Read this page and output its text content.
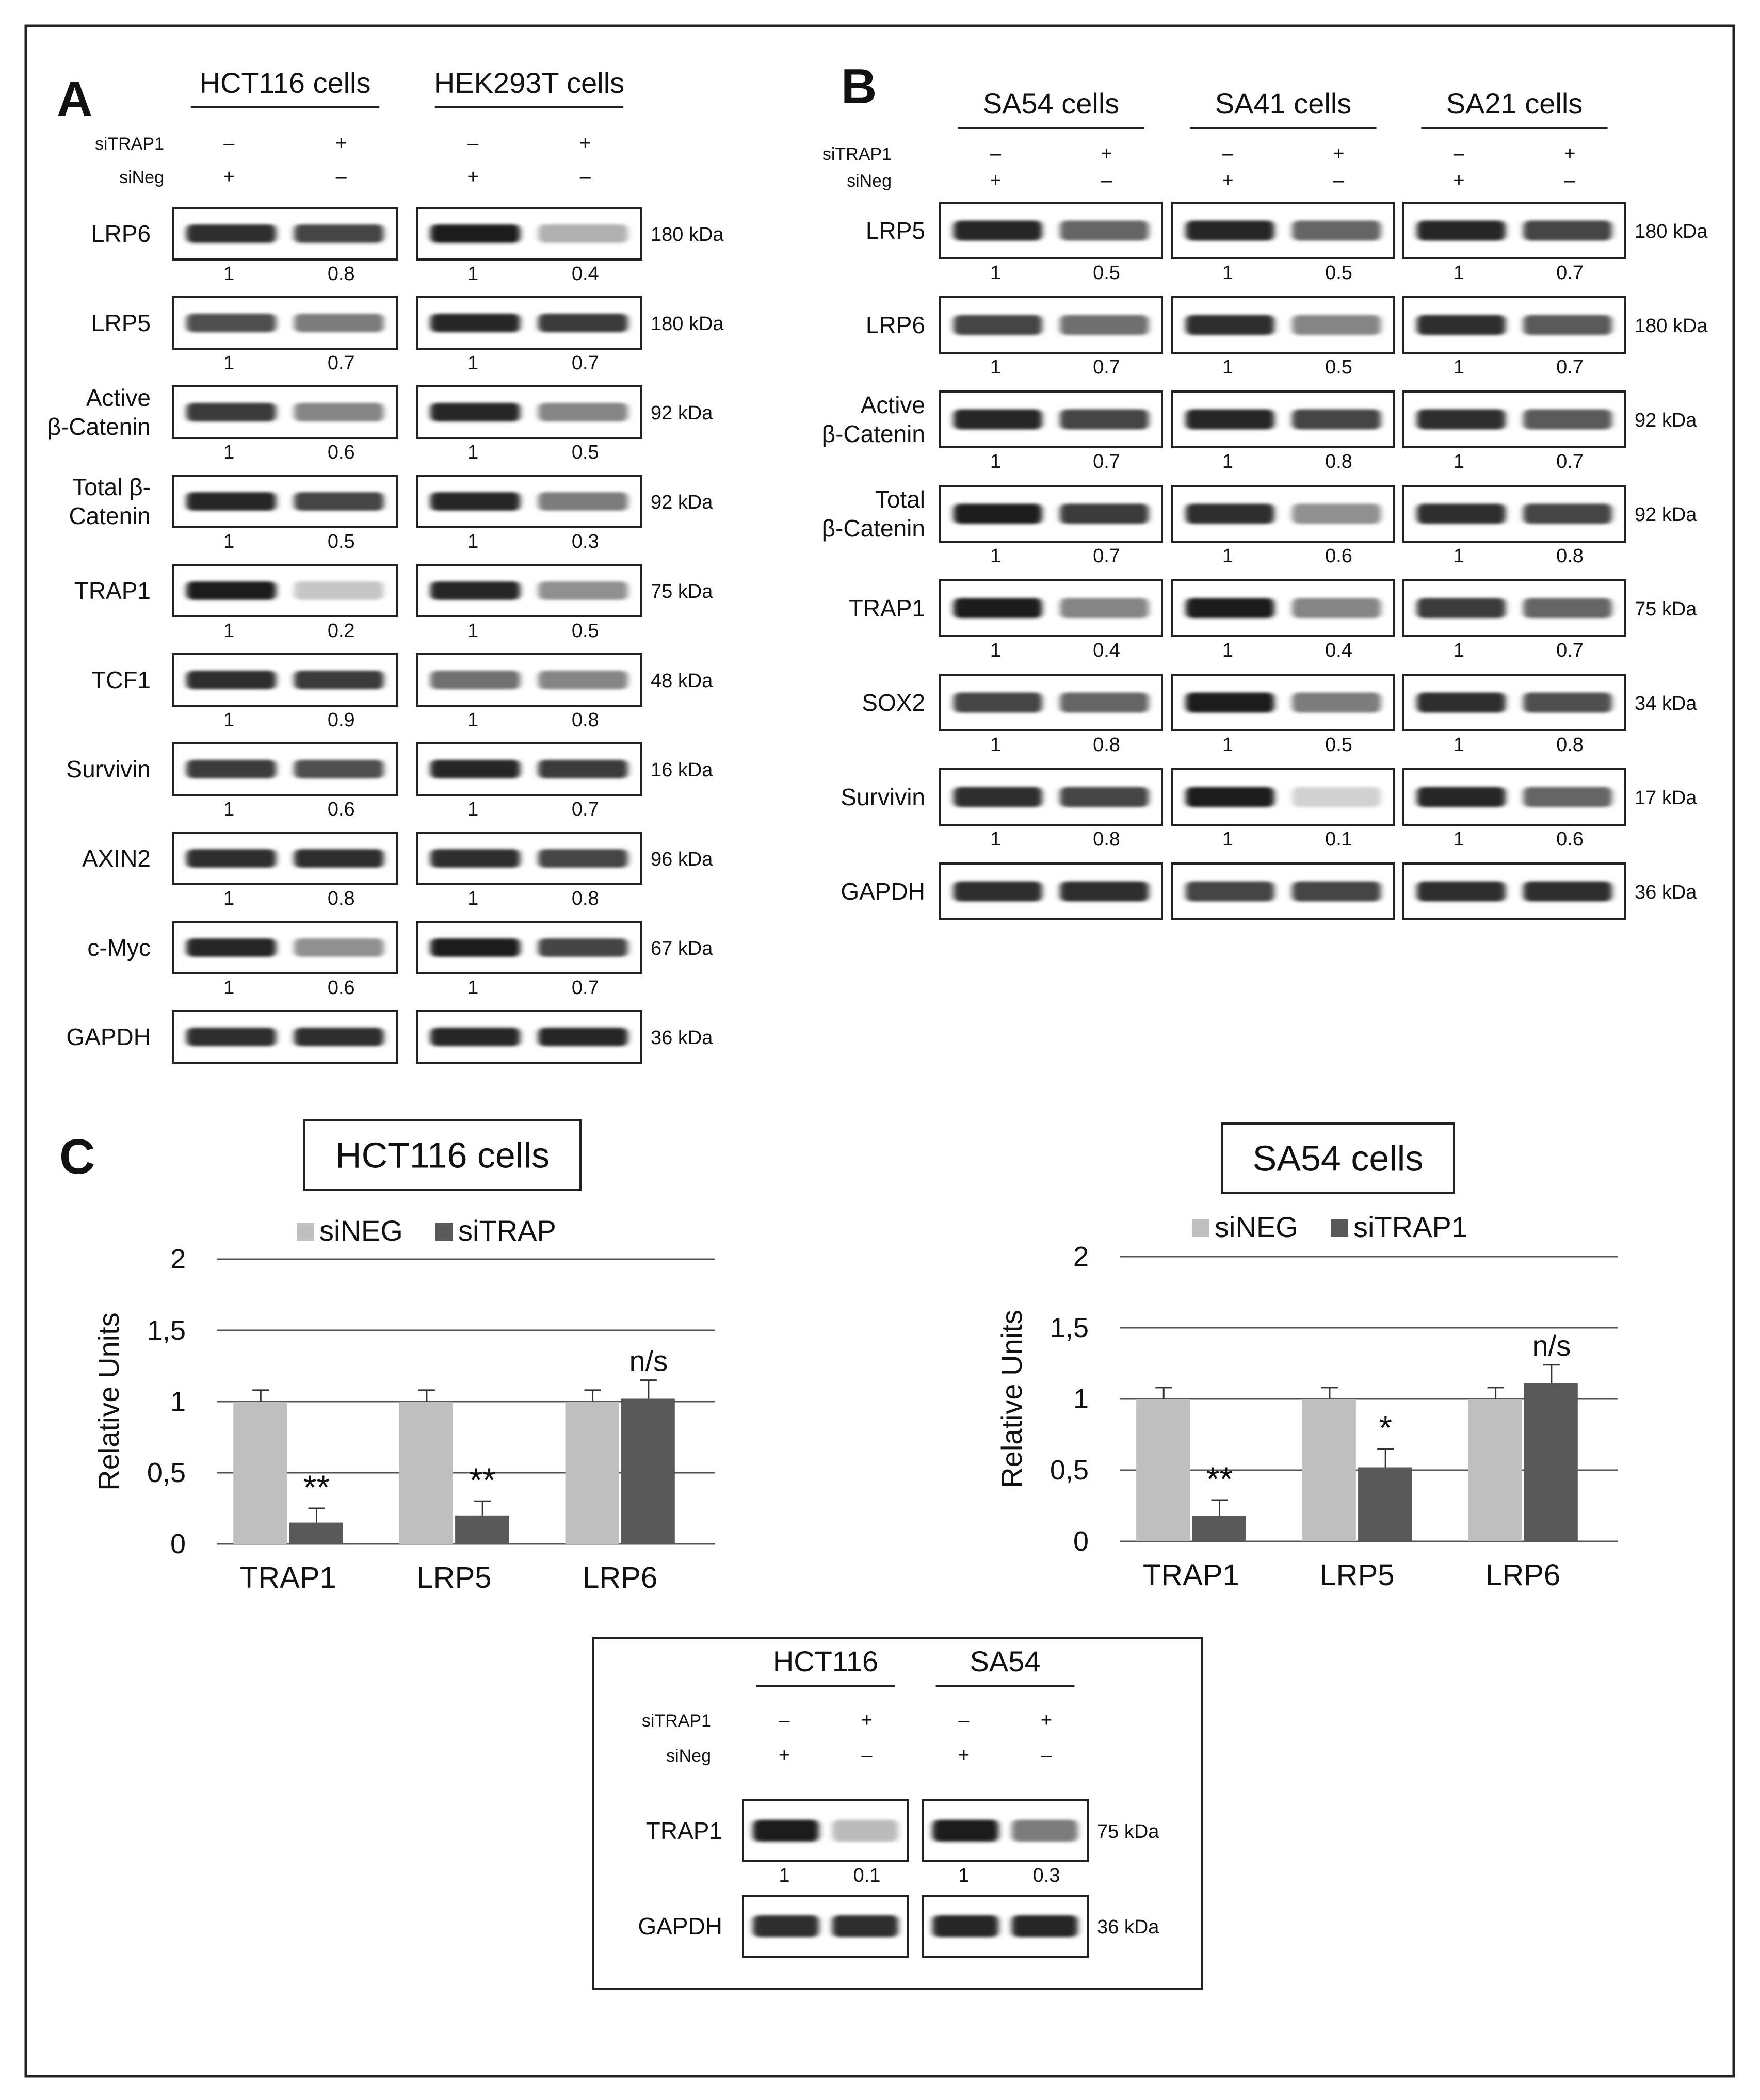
A	B
C
HCT116 cells HEK293T cells
siTRAP1	–	+	–	+
siNeg	+	–	+	–
LRP6	180 kDa
1	0.8	1	0.4
LRP5	180 kDa
1	0.7	1	0.7
Active
β-Catenin	92 kDa
1	0.6	1	0.5
Total β-
Catenin	92 kDa
1	0.5	1	0.3
TRAP1	75 kDa
1	0.2	1	0.5
TCF1	48 kDa
1	0.9	1	0.8
Survivin	16 kDa
1	0.6	1	0.7
AXIN2	96 kDa
1	0.8	1	0.8
c-Myc	67 kDa
1	0.6	1	0.7
GAPDH	36 kDa
SA54 cells	SA41 cells	SA21 cells
siTRAP1	–	+	–	+	–	+
siNeg	+	–	+	–	+	–
LRP5	180 kDa
1	0.5	1	0.5	1	0.7
LRP6	180 kDa
1	0.7	1	0.5	1	0.7
Active
β-Catenin	92 kDa
1	0.7	1	0.8	1	0.7
Total
β-Catenin	92 kDa
1	0.7	1	0.6	1	0.8
TRAP1	75 kDa
1	0.4	1	0.4	1	0.7
SOX2	34 kDa
1	0.8	1	0.5	1	0.8
Survivin	17 kDa
1	0.8	1	0.1	1	0.6
GAPDH	36 kDa
HCT116 cells
siNEG siTRAP
0
0,5
1
1,5
2
Relative Units	**
TRAP1
**
LRP5
n/s
LRP6
SA54 cells
siNEG siTRAP1
0
0,5
1
1,5
2
Relative Units	**
TRAP1
*
LRP5
n/s
LRP6
HCT116	SA54
siTRAP1	–	+	–	+
siNeg	+	–	+	–
TRAP1	75 kDa
1	0.1	1	0.3
GAPDH	36 kDa
